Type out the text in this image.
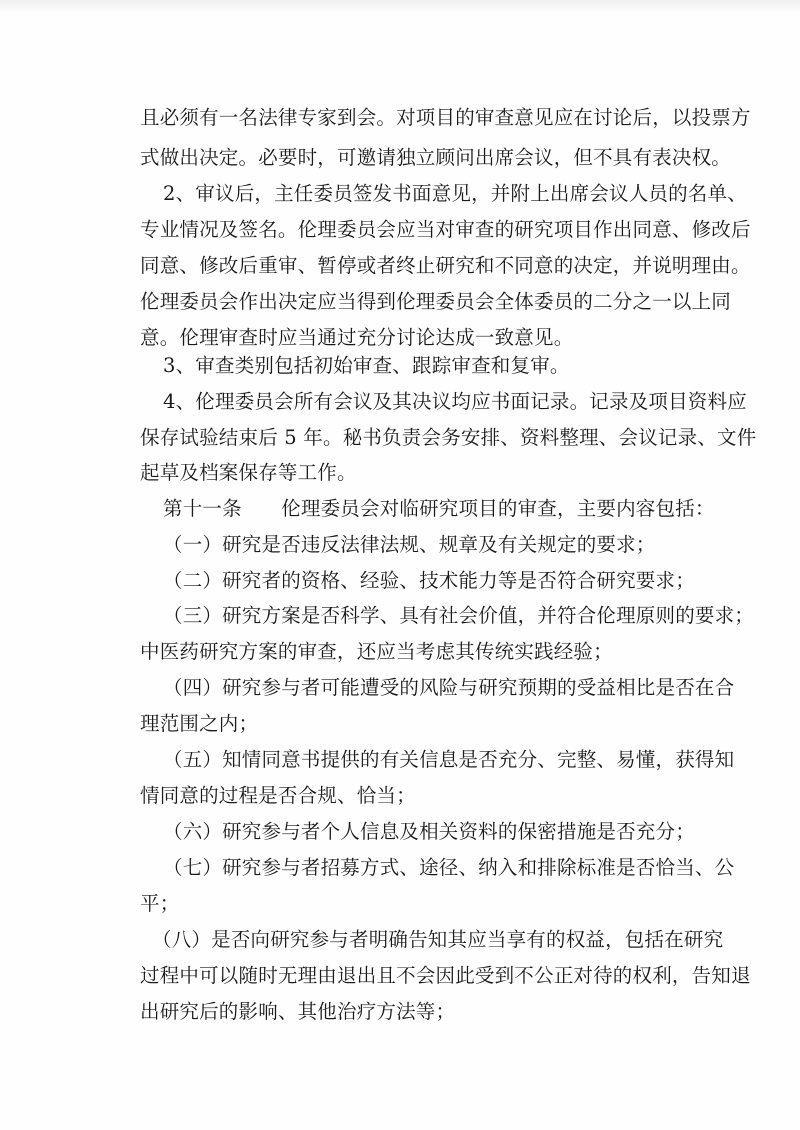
且必须有一名法律专家到会。对项目的审查意见应在讨论后，以投票方
式做出决定。必要时，可邀请独立顾问出席会议，但不具有表决权。
2、审议后，主任委员签发书面意见，并附上出席会议人员的名单、
专业情况及签名。伦理委员会应当对审查的研究项目作出同意、修改后
同意、修改后重审、暂停或者终止研究和不同意的决定，并说明理由。
伦理委员会作出决定应当得到伦理委员会全体委员的二分之一以上同
意。伦理审查时应当通过充分讨论达成一致意见。
3、审查类别包括初始审查、跟踪审查和复审。
4、伦理委员会所有会议及其决议均应书面记录。记录及项目资料应
保存试验结束后 5 年。秘书负责会务安排、资料整理、会议记录、文件
起草及档案保存等工作。
第十一条　　伦理委员会对临研究项目的审查，主要内容包括：
（一）研究是否违反法律法规、规章及有关规定的要求；
（二）研究者的资格、经验、技术能力等是否符合研究要求；
（三）研究方案是否科学、具有社会价值，并符合伦理原则的要求；
中医药研究方案的审查，还应当考虑其传统实践经验；
（四）研究参与者可能遭受的风险与研究预期的受益相比是否在合
理范围之内；
（五）知情同意书提供的有关信息是否充分、完整、易懂，获得知
情同意的过程是否合规、恰当；
（六）研究参与者个人信息及相关资料的保密措施是否充分；
（七）研究参与者招募方式、途径、纳入和排除标准是否恰当、公
平；
（八）是否向研究参与者明确告知其应当享有的权益，包括在研究
过程中可以随时无理由退出且不会因此受到不公正对待的权利，告知退
出研究后的影响、其他治疗方法等；
